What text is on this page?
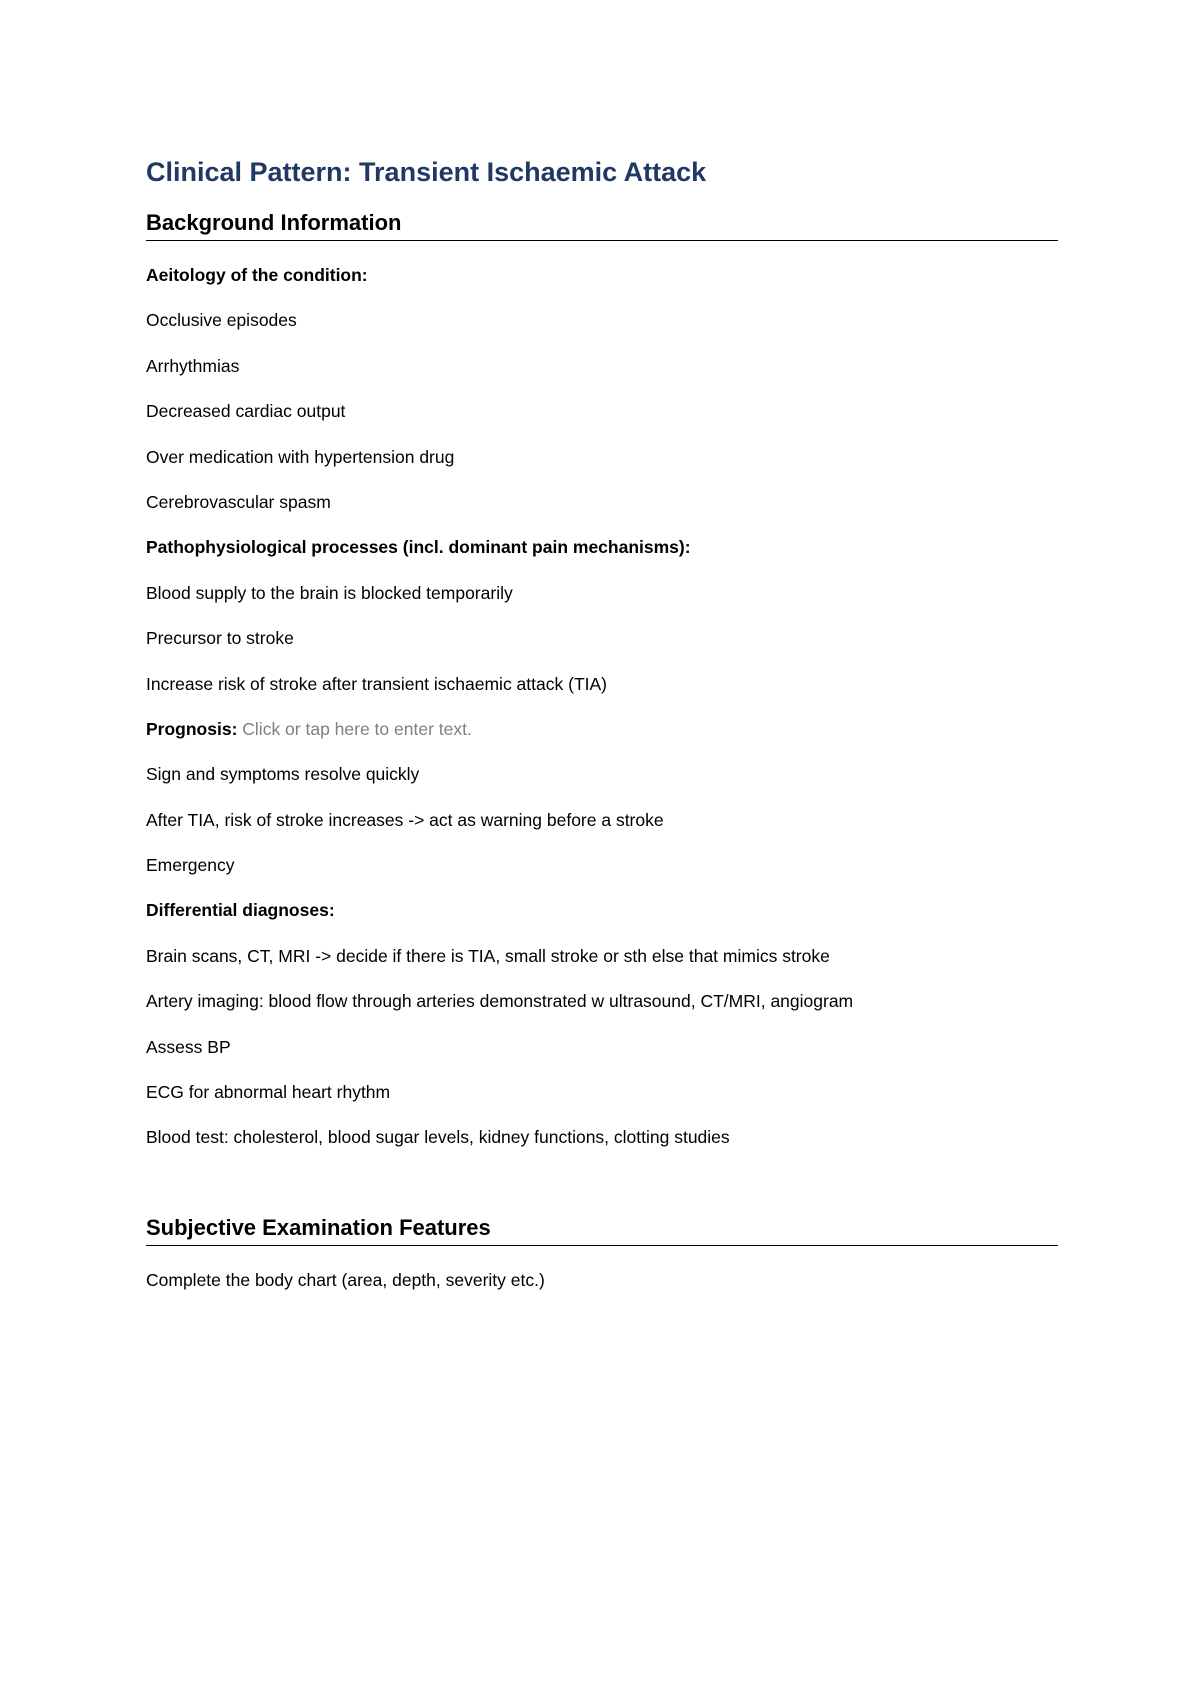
Clinical Pattern: Transient Ischaemic Attack
Background Information
Aeitology of the condition:
Occlusive episodes
Arrhythmias
Decreased cardiac output
Over medication with hypertension drug
Cerebrovascular spasm
Pathophysiological processes (incl. dominant pain mechanisms):
Blood supply to the brain is blocked temporarily
Precursor to stroke
Increase risk of stroke after transient ischaemic attack (TIA)
Prognosis: Click or tap here to enter text.
Sign and symptoms resolve quickly
After TIA, risk of stroke increases -> act as warning before a stroke
Emergency
Differential diagnoses:
Brain scans, CT, MRI -> decide if there is TIA, small stroke or sth else that mimics stroke
Artery imaging: blood flow through arteries demonstrated w ultrasound, CT/MRI, angiogram
Assess BP
ECG for abnormal heart rhythm
Blood test: cholesterol, blood sugar levels, kidney functions, clotting studies
Subjective Examination Features
Complete the body chart (area, depth, severity etc.)
